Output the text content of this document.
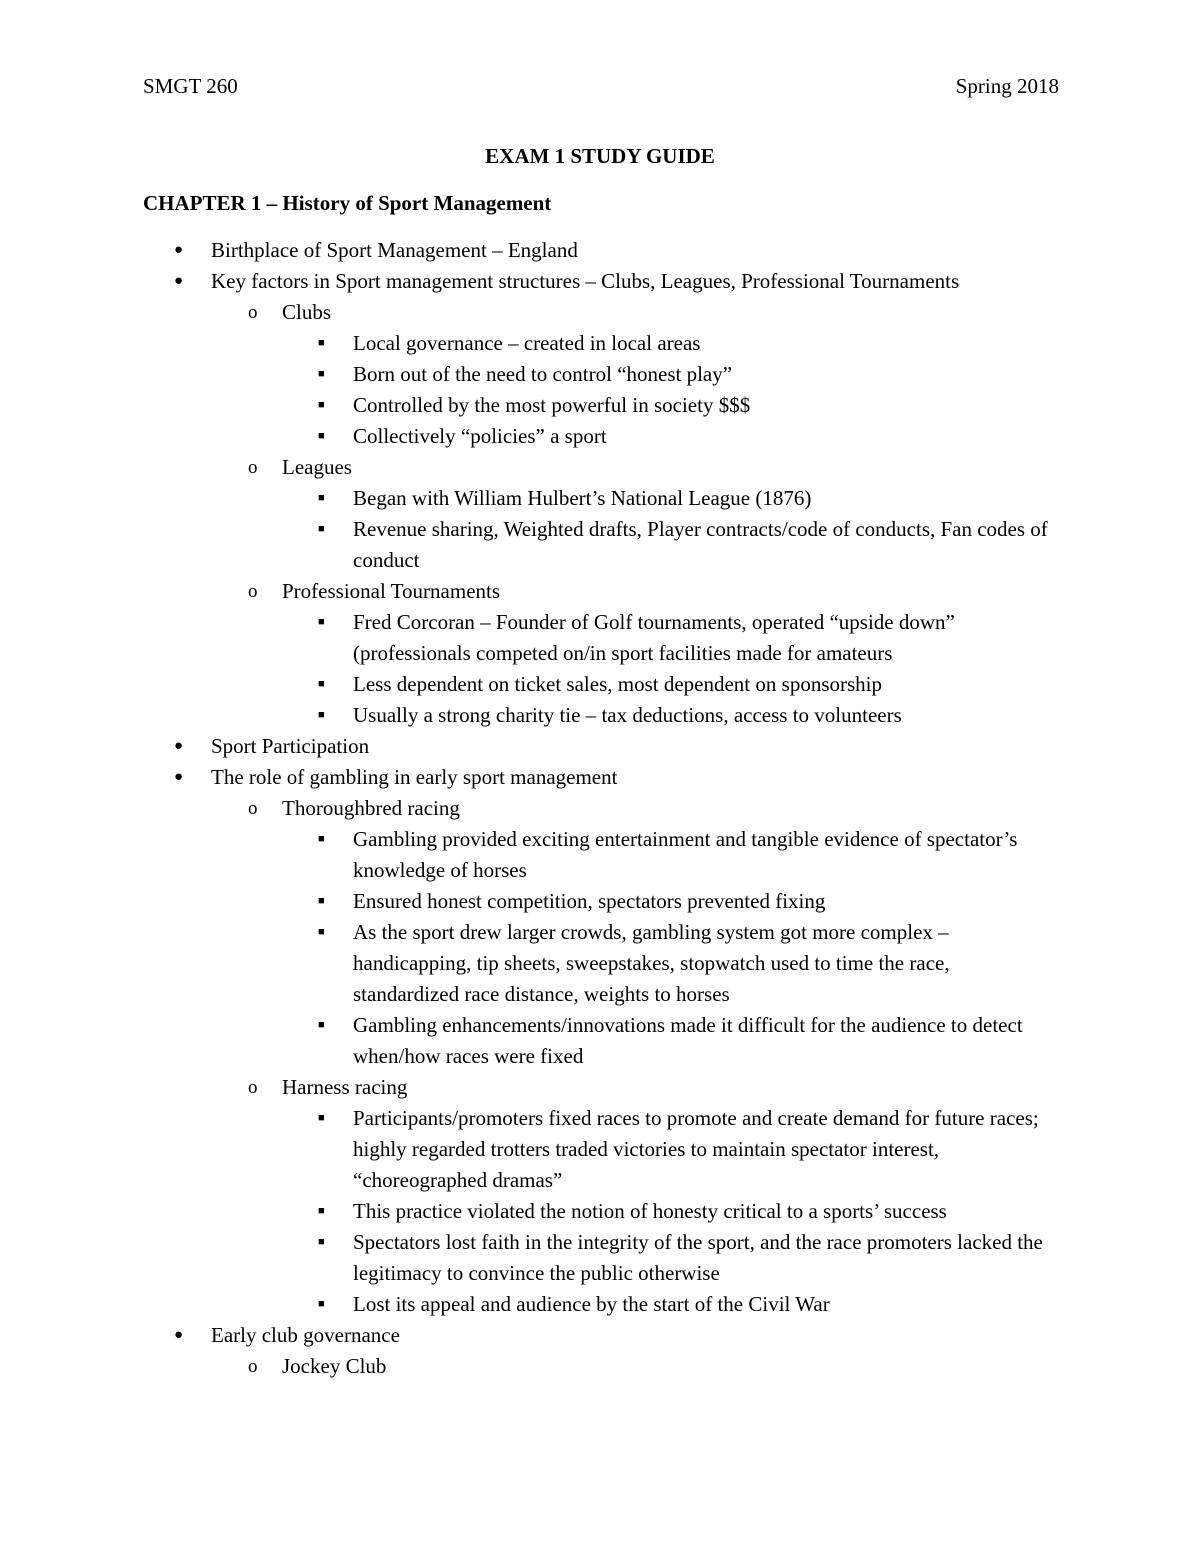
SMGT 260	Spring 2018
EXAM 1 STUDY GUIDE
CHAPTER 1 – History of Sport Management
● Birthplace of Sport Management – England
● Key factors in Sport management structures – Clubs, Leagues, Professional Tournaments
o Clubs
■ Local governance – created in local areas
■ Born out of the need to control “honest play”
■ Controlled by the most powerful in society $$$
■ Collectively “policies” a sport
o Leagues
■ Began with William Hulbert’s National League (1876)
■ Revenue sharing, Weighted drafts, Player contracts/code of conducts, Fan codes of conduct
o Professional Tournaments
■ Fred Corcoran – Founder of Golf tournaments, operated “upside down” (professionals competed on/in sport facilities made for amateurs
■ Less dependent on ticket sales, most dependent on sponsorship
■ Usually a strong charity tie – tax deductions, access to volunteers
● Sport Participation
● The role of gambling in early sport management
o Thoroughbred racing
■ Gambling provided exciting entertainment and tangible evidence of spectator’s knowledge of horses
■ Ensured honest competition, spectators prevented fixing
■ As the sport drew larger crowds, gambling system got more complex – handicapping, tip sheets, sweepstakes, stopwatch used to time the race, standardized race distance, weights to horses
■ Gambling enhancements/innovations made it difficult for the audience to detect when/how races were fixed
o Harness racing
■ Participants/promoters fixed races to promote and create demand for future races; highly regarded trotters traded victories to maintain spectator interest, “choreographed dramas”
■ This practice violated the notion of honesty critical to a sports’ success
■ Spectators lost faith in the integrity of the sport, and the race promoters lacked the legitimacy to convince the public otherwise
■ Lost its appeal and audience by the start of the Civil War
● Early club governance
o Jockey Club
